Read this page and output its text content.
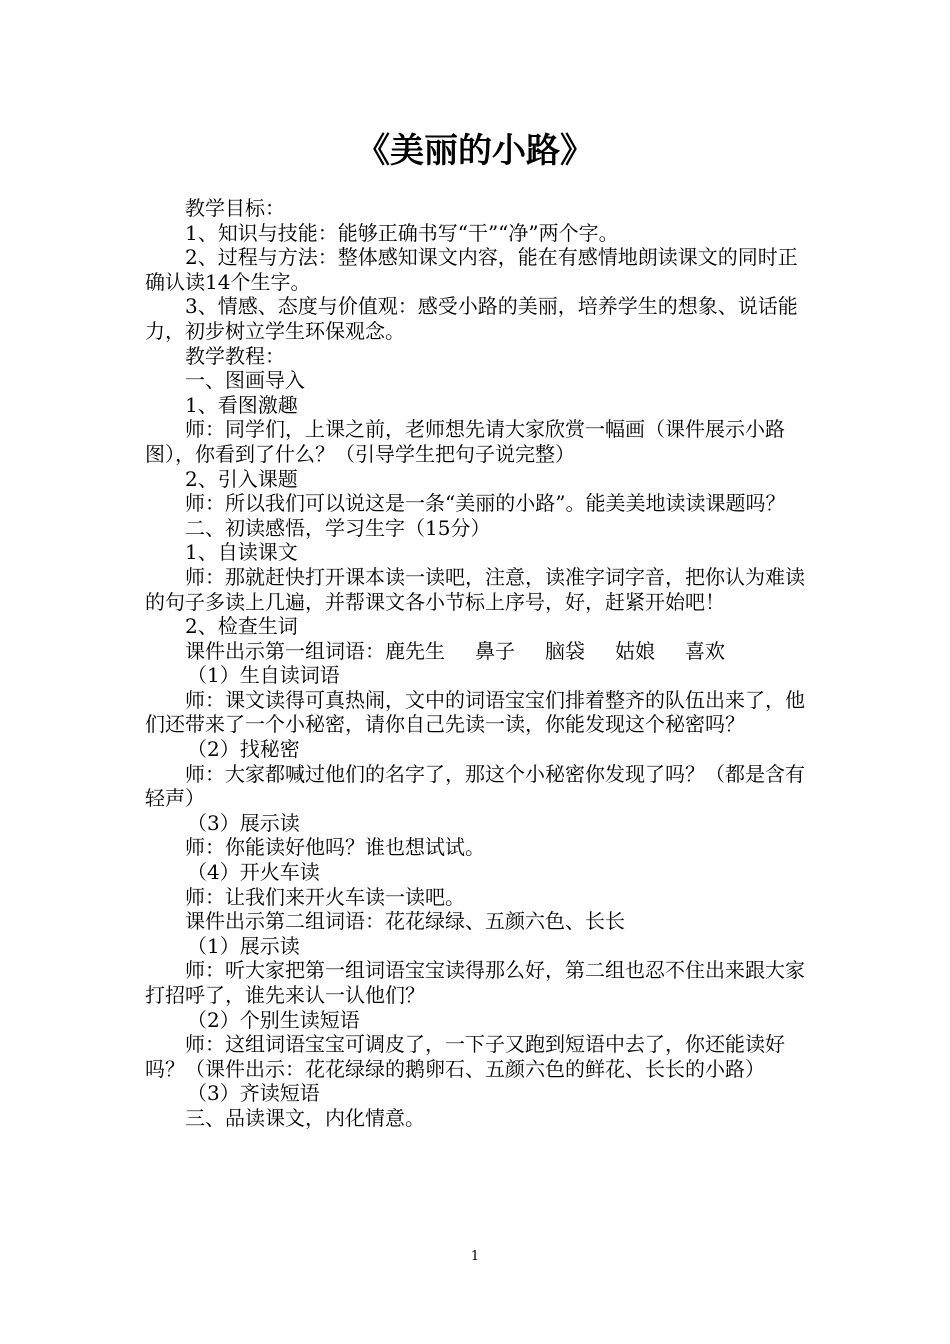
《美丽的小路》

教学目标：

1、知识与技能：能够正确书写“干”“净”两个字。

2、过程与方法：整体感知课文内容，能在有感情地朗读课文的同时正确认读14个生字。

3、情感、态度与价值观：感受小路的美丽，培养学生的想象、说话能力，初步树立学生环保观念。

教学教程：

一、图画导入

1、看图激趣

师：同学们，上课之前，老师想先请大家欣赏一幅画（课件展示小路图），你看到了什么？（引导学生把句子说完整）

2、引入课题

师：所以我们可以说这是一条“美丽的小路”。能美美地读读课题吗？

二、初读感悟，学习生字（15分）

1、自读课文

师：那就赶快打开课本读一读吧，注意，读准字词字音，把你认为难读的句子多读上几遍，并帮课文各小节标上序号，好，赶紧开始吧！

2、检查生词

课件出示第一组词语：鹿先生 鼻子 脑袋 姑娘 喜欢

（1）生自读词语

师：课文读得可真热闹，文中的词语宝宝们排着整齐的队伍出来了，他们还带来了一个小秘密，请你自己先读一读，你能发现这个秘密吗？

（2）找秘密

师：大家都喊过他们的名字了，那这个小秘密你发现了吗？（都是含有轻声）

（3）展示读

师：你能读好他吗？谁也想试试。

（4）开火车读

师：让我们来开火车读一读吧。

课件出示第二组词语：花花绿绿、五颜六色、长长

（1）展示读

师：听大家把第一组词语宝宝读得那么好，第二组也忍不住出来跟大家打招呼了，谁先来认一认他们？

（2）个别生读短语

师：这组词语宝宝可调皮了，一下子又跑到短语中去了，你还能读好吗？（课件出示：花花绿绿的鹅卵石、五颜六色的鲜花、长长的小路）

（3）齐读短语

三、品读课文，内化情意。

1
